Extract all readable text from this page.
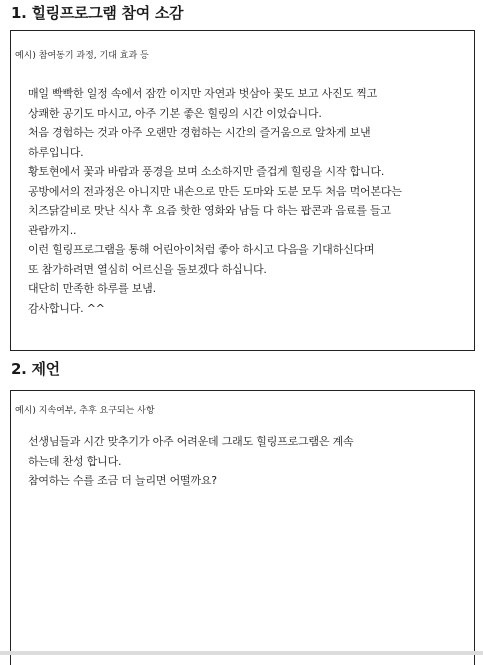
1. 힐링프로그램 참여 소감
예시) 참여동기 과정, 기대 효과 등
매일 빡빡한 일정 속에서 잠깐 이지만 자연과 벗삼아 꽃도 보고 사진도 찍고
상쾌한 공기도 마시고, 아주 기본 좋은 힐링의 시간 이었습니다.
처음 경험하는 것과 아주 오랜만 경험하는 시간의 즐거움으로 알차게 보낸
하루입니다.
황토현에서 꽃과 바람과 풍경을 보며 소소하지만 즐겁게 힐링을 시작 합니다.
공방에서의 전과정은 아니지만 내손으로 만든 도마와 도분 모두 처음 먹어본다는
치즈닭갈비로 맛난 식사 후 요즘 핫한 영화와 남들 다 하는 팝콘과 음료를 들고
관람까지..
이런 힐링프로그램을 통해 어린아이처럼 좋아 하시고 다음을 기대하신다며
또 참가하려면 열심히 어르신을 돌보겠다 하십니다.
대단히 만족한 하루를 보냄.
감사합니다. ^^
2. 제언
예시) 지속여부, 추후 요구되는 사항
선생님들과 시간 맞추기가 아주 어려운데 그래도 힐링프로그램은 계속
하는데 찬성 합니다.
참여하는 수를 조금 더 늘리면 어떨까요?
